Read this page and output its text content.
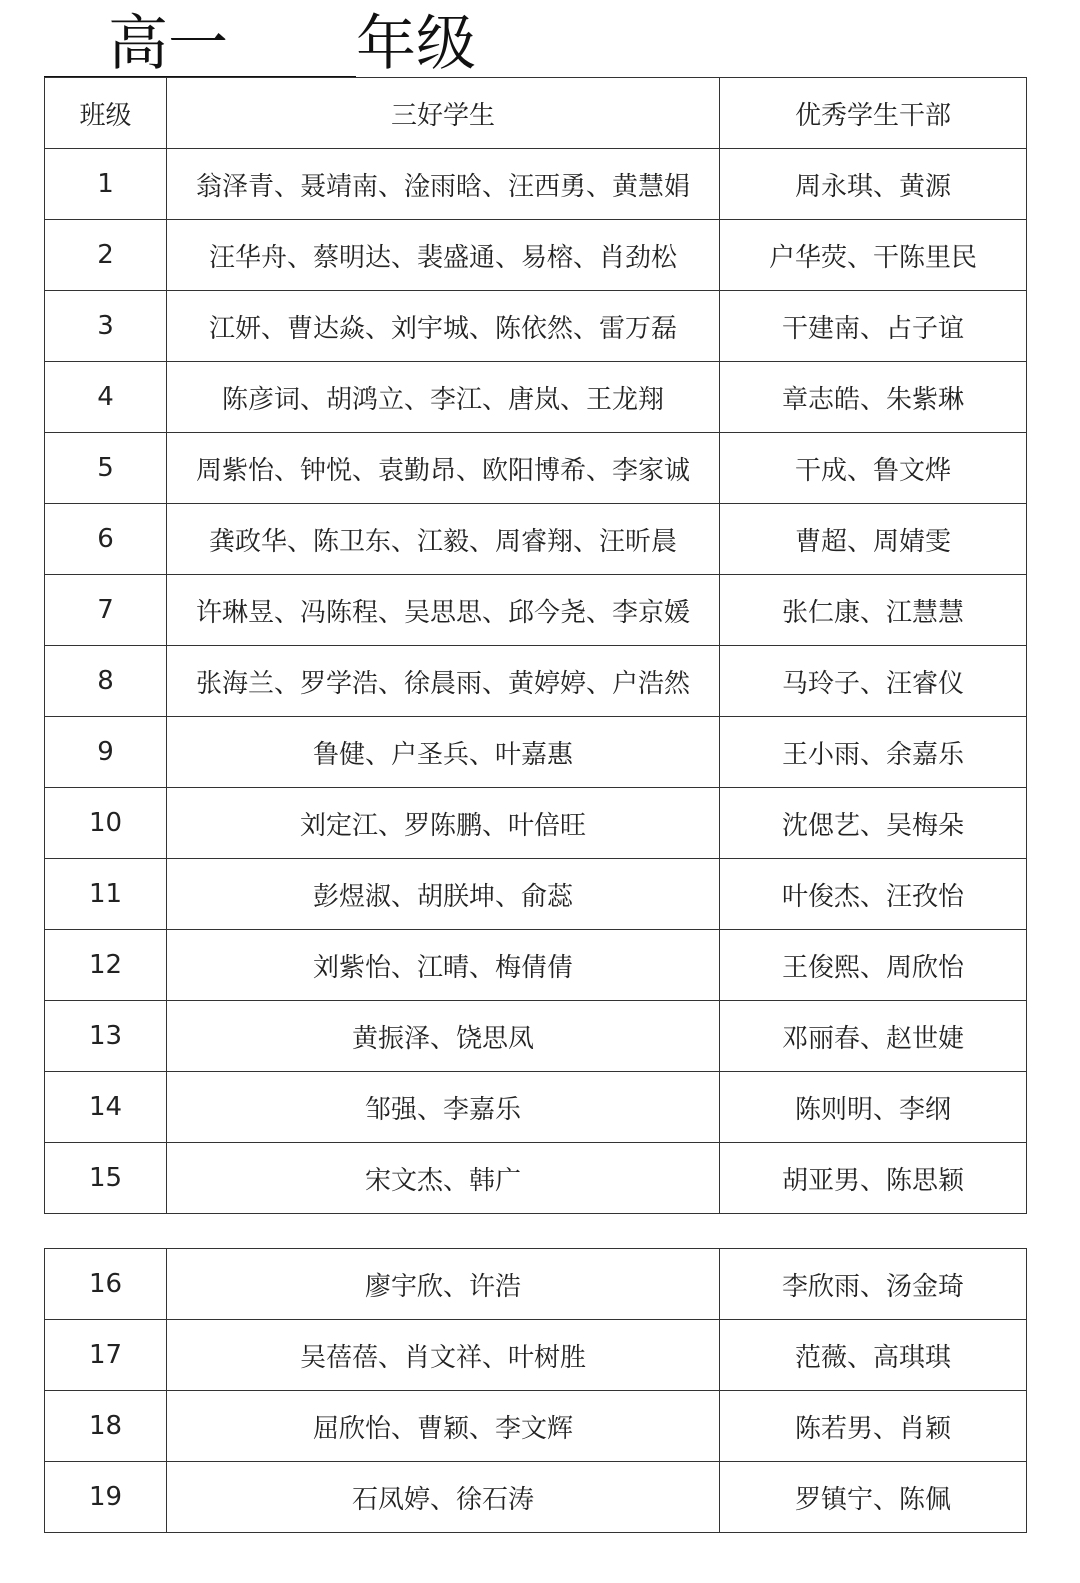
高一 年级
班级	三好学生	优秀学生干部
1	翁泽青、聂靖南、淦雨晗、汪西勇、黄慧娟	周永琪、黄源
2	汪华舟、蔡明达、裴盛通、易榕、肖劲松	户华荧、干陈里民
3	江妍、曹达焱、刘宇城、陈依然、雷万磊	干建南、占子谊
4	陈彦词、胡鸿立、李江、唐岚、王龙翔	章志皓、朱紫琳
5	周紫怡、钟悦、袁勤昂、欧阳博希、李家诚	干成、鲁文烨
6	龚政华、陈卫东、江毅、周睿翔、汪昕晨	曹超、周婧雯
7	许琳昱、冯陈程、吴思思、邱今尧、李京媛	张仁康、江慧慧
8	张海兰、罗学浩、徐晨雨、黄婷婷、户浩然	马玲子、汪睿仪
9	鲁健、户圣兵、叶嘉惠	王小雨、余嘉乐
10	刘定江、罗陈鹏、叶倍旺	沈偲艺、吴梅朵
11	彭煜淑、胡朕坤、俞蕊	叶俊杰、汪孜怡
12	刘紫怡、江晴、梅倩倩	王俊熙、周欣怡
13	黄振泽、饶思凤	邓丽春、赵世婕
14	邹强、李嘉乐	陈则明、李纲
15	宋文杰、韩广	胡亚男、陈思颖
16	廖宇欣、许浩	李欣雨、汤金琦
17	吴蓓蓓、肖文祥、叶树胜	范薇、高琪琪
18	屈欣怡、曹颖、李文辉	陈若男、肖颖
19	石凤婷、徐石涛	罗镇宁、陈佩
